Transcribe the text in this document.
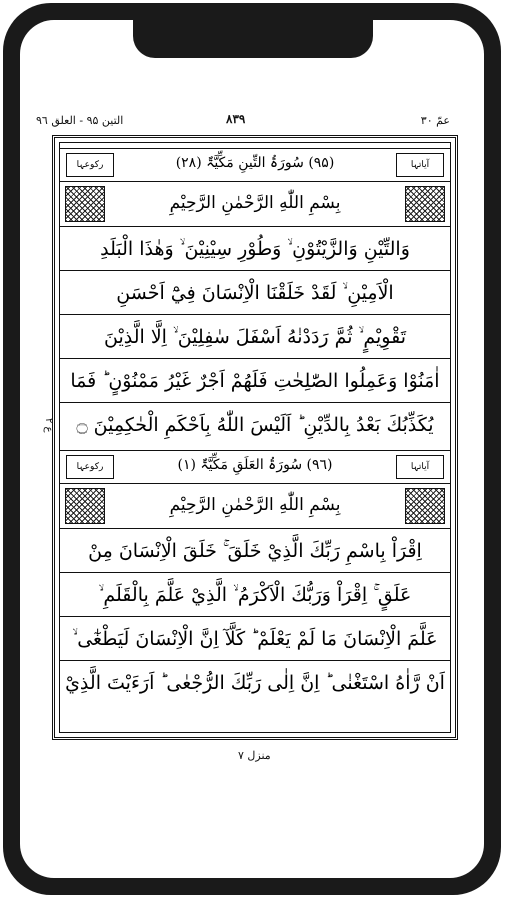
التین ۹۵ - العلق ۹٦	۸۳۹	عمّ ۳۰
ع ۲
رکوعہا	(۹۵) سُورَۃُ التِّینِ مَکِّیَّۃٌ (۲۸)	آیاتہا
بِسْمِ اللّٰهِ الرَّحْمٰنِ الرَّحِيْمِ
وَالتِّيْنِ وَالزَّيْتُوْنِ ۙ وَطُوْرِ سِيْنِيْنَ ۙ وَهٰذَا الْبَلَدِ
الْاَمِيْنِ ۙ لَقَدْ خَلَقْنَا الْاِنْسَانَ فِيْٓ اَحْسَنِ
تَقْوِيْمٍ ۙ ثُمَّ رَدَدْنٰهُ اَسْفَلَ سٰفِلِيْنَ ۙ اِلَّا الَّذِيْنَ
اٰمَنُوْا وَعَمِلُوا الصّٰلِحٰتِ فَلَهُمْ اَجْرٌ غَيْرُ مَمْنُوْنٍ ؕ فَمَا
يُكَذِّبُكَ بَعْدُ بِالدِّيْنِ ؕ اَلَيْسَ اللّٰهُ بِاَحْكَمِ الْحٰكِمِيْنَ ۝
رکوعہا	(۹٦) سُورَۃُ العَلَقِ مَکِّیَّۃٌ (۱)	آیاتہا
بِسْمِ اللّٰهِ الرَّحْمٰنِ الرَّحِيْمِ
اِقْرَاْ بِاسْمِ رَبِّكَ الَّذِيْ خَلَقَ ۚ خَلَقَ الْاِنْسَانَ مِنْ
عَلَقٍ ۚ اِقْرَاْ وَرَبُّكَ الْاَكْرَمُ ۙ الَّذِيْ عَلَّمَ بِالْقَلَمِ ۙ
عَلَّمَ الْاِنْسَانَ مَا لَمْ يَعْلَمْ ؕ كَلَّآ اِنَّ الْاِنْسَانَ لَيَطْغٰٓى ۙ
اَنْ رَّاٰهُ اسْتَغْنٰى ؕ اِنَّ اِلٰى رَبِّكَ الرُّجْعٰى ؕ اَرَءَيْتَ الَّذِيْ
منزل ۷
